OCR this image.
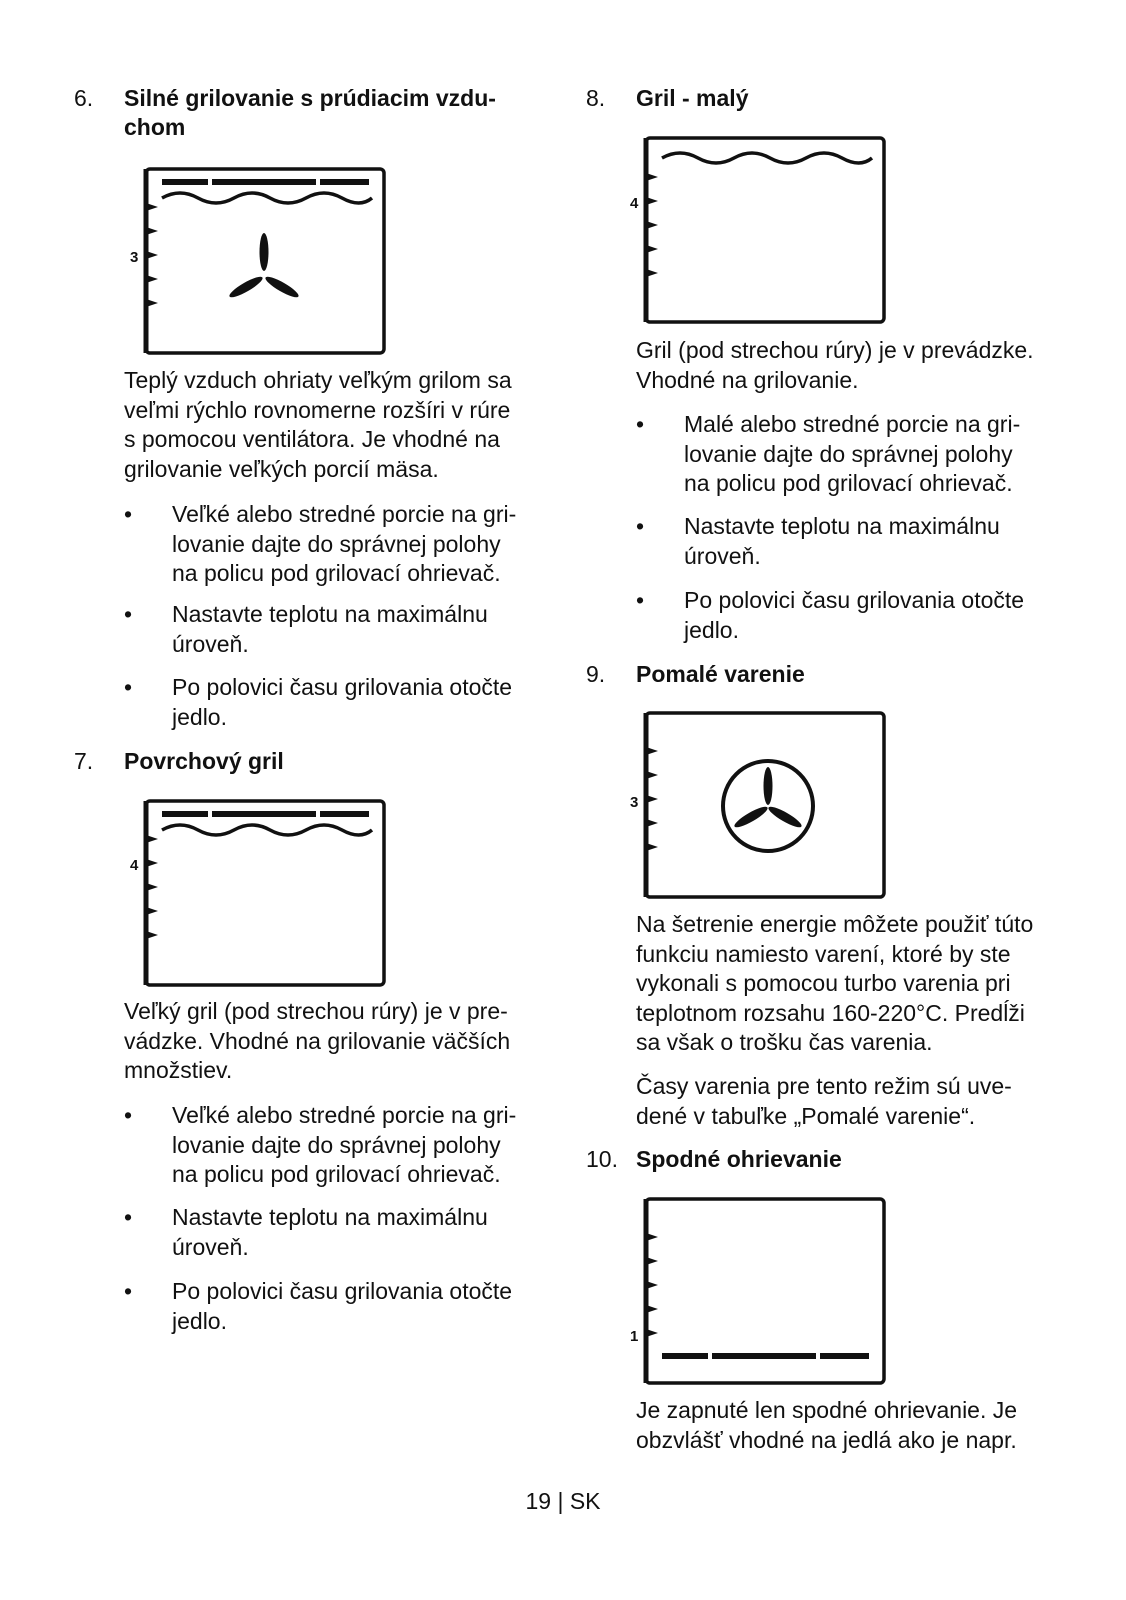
6. Silné grilovanie s prúdiacim vzdu-
chom
3
Teplý vzduch ohriaty veľkým grilom sa
veľmi rýchlo rovnomerne rozšíri v rúre
s pomocou ventilátora. Je vhodné na
grilovanie veľkých porcií mäsa.
•	Veľké alebo stredné porcie na gri-
lovanie dajte do správnej polohy
na policu pod grilovací ohrievač.
•	Nastavte teplotu na maximálnu
úroveň.
•	Po polovici času grilovania otočte
jedlo.
7. Povrchový gril
4
Veľký gril (pod strechou rúry) je v pre-
vádzke. Vhodné na grilovanie väčších
množstiev.
•	Veľké alebo stredné porcie na gri-
lovanie dajte do správnej polohy
na policu pod grilovací ohrievač.
•	Nastavte teplotu na maximálnu
úroveň.
•	Po polovici času grilovania otočte
jedlo.
8. Gril - malý
4
Gril (pod strechou rúry) je v prevádzke.
Vhodné na grilovanie.
•	Malé alebo stredné porcie na gri-
lovanie dajte do správnej polohy
na policu pod grilovací ohrievač.
•	Nastavte teplotu na maximálnu
úroveň.
•	Po polovici času grilovania otočte
jedlo.
9. Pomalé varenie
3
Na šetrenie energie môžete použiť túto
funkciu namiesto varení, ktoré by ste
vykonali s pomocou turbo varenia pri
teplotnom rozsahu 160-220°C. Predĺži
sa však o trošku čas varenia.
Časy varenia pre tento režim sú uve-
dené v tabuľke „Pomalé varenie“.
10. Spodné ohrievanie
1
Je zapnuté len spodné ohrievanie. Je
obzvlášť vhodné na jedlá ako je napr.
19 | SK
